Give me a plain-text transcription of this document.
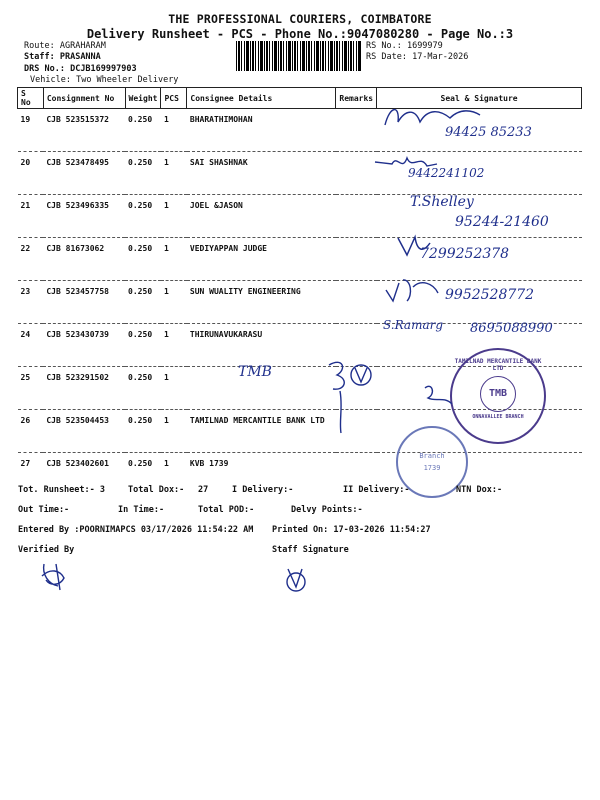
THE PROFESSIONAL COURIERS, COIMBATORE
Delivery Runsheet - PCS - Phone No.:9047080280 - Page No.:3
Route: AGRAHARAM
Staff: PRASANNA
DRS No.: DCJB169997903
Vehicle: Two Wheeler Delivery
RS No.: 1699979
RS Date: 17-Mar-2026
S No	Consignment No	Weight	PCS	Consignee Details	Remarks	Seal & Signature
19	CJB 523515372	0.250	1	BHARATHIMOHAN		
20	CJB 523478495	0.250	1	SAI SHASHNAK		
21	CJB 523496335	0.250	1	JOEL &JASON		
22	CJB 81673062	0.250	1	VEDIYAPPAN JUDGE		
23	CJB 523457758	0.250	1	SUN WUALITY ENGINEERING		
24	CJB 523430739	0.250	1	THIRUNAVUKARASU		
25	CJB 523291502	0.250	1			
26	CJB 523504453	0.250	1	TAMILNAD MERCANTILE BANK LTD		
27	CJB 523402601	0.250	1	KVB 1739		
94425 85233
9442241102
T.Shelley
95244-21460
7299252378
9952528772
S.Ramarg 8695088990
TMB
TAMILNAD MERCANTILE BANK LTD
TMB
ONNAVALLEE BRANCH
Branch
1739
Tot. Runsheet:- 3	Total Dox:- 27	I Delivery:-	II Delivery:-	NTN Dox:-
Out Time:-	In Time:-	Total POD:-	Delvy Points:-
Entered By :POORNIMAPCS 03/17/2026 11:54:22 AM Printed On: 17-03-2026 11:54:27
Verified By	Staff Signature
